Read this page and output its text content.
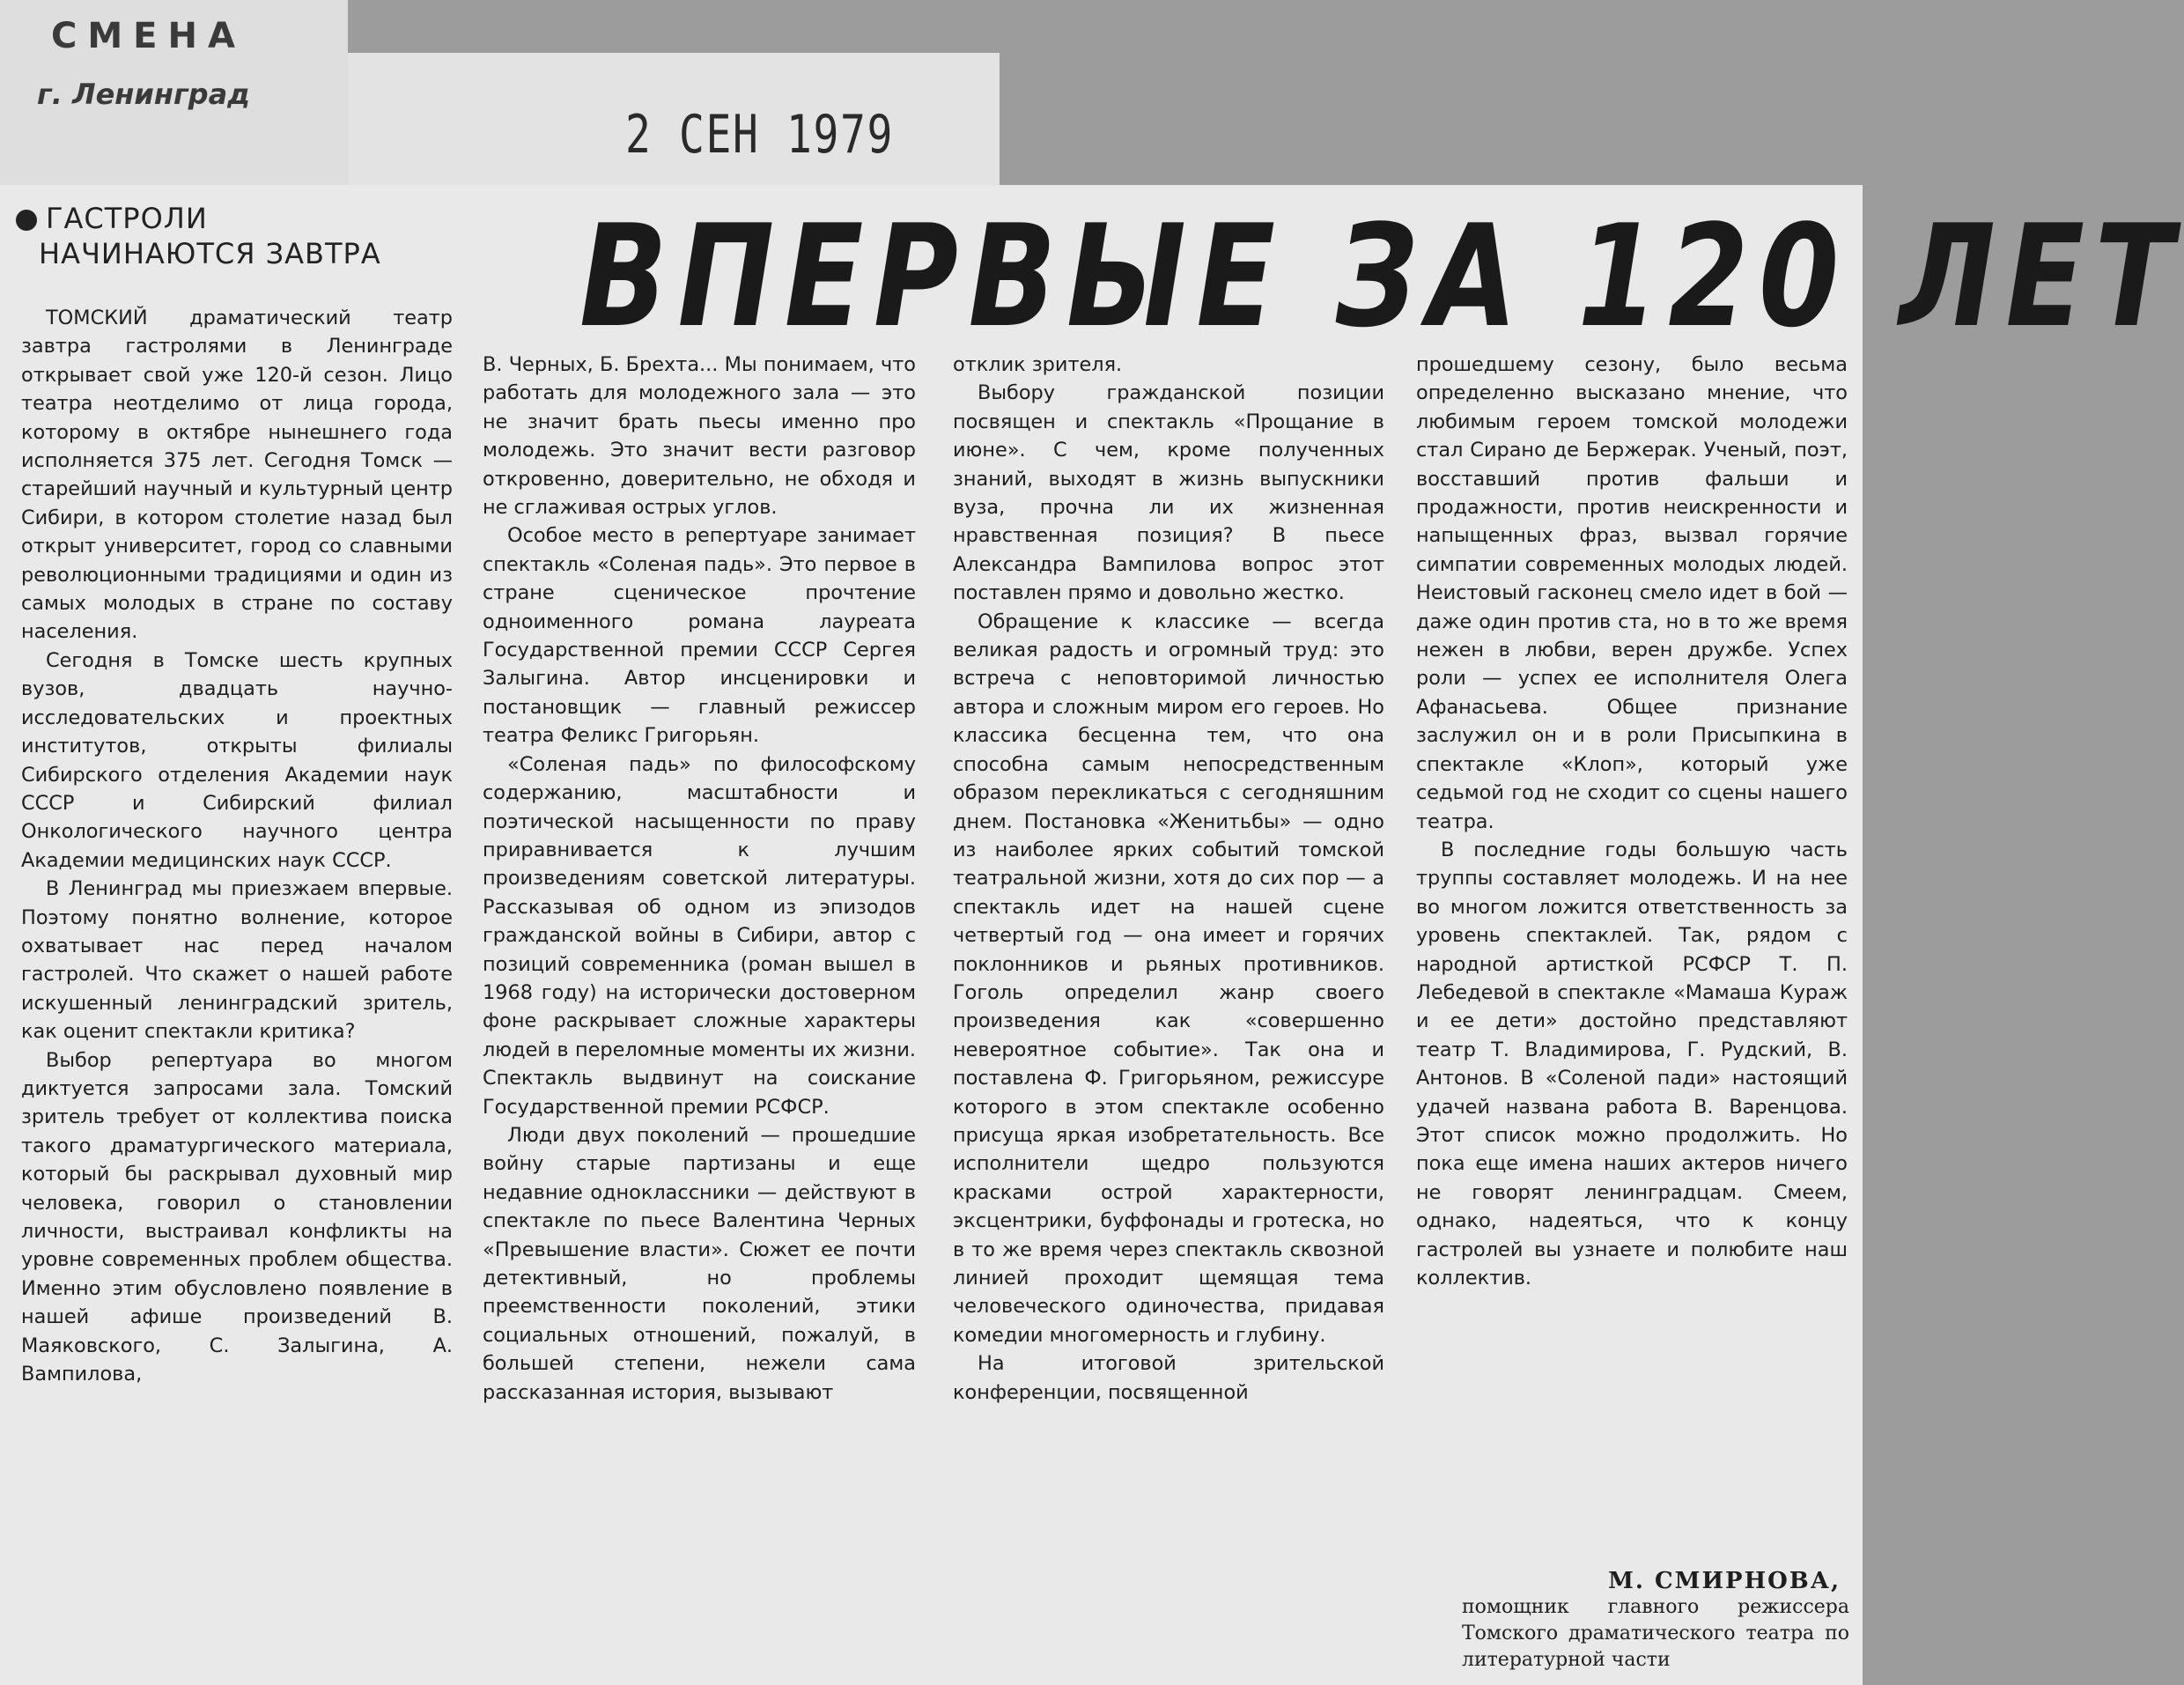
СМЕНА
г. Ленинград
2 СЕН 1979
ГАСТРОЛИ
НАЧИНАЮТСЯ ЗАВТРА ВПЕРВЫЕ ЗА 120 ЛЕТ

ТОМСКИЙ драматический театр завтра гастролями в Ленинграде открывает свой уже 120-й сезон. Лицо театра неотделимо от лица города, которому в октябре нынешнего года исполняется 375 лет. Сегодня Томск — старейший научный и культурный центр Сибири, в котором столетие назад был открыт университет, город со славными революционными традициями и один из самых молодых в стране по составу населения.

Сегодня в Томске шесть крупных вузов, двадцать научно-исследовательских и проектных институтов, открыты филиалы Сибирского отделения Академии наук СССР и Сибирский филиал Онкологического научного центра Академии медицинских наук СССР.

В Ленинград мы приезжаем впервые. Поэтому понятно волнение, которое охватывает нас перед началом гастролей. Что скажет о нашей работе искушенный ленинградский зритель, как оценит спектакли критика?

Выбор репертуара во многом диктуется запросами зала. Томский зритель требует от коллектива поиска такого драматургического материала, который бы раскрывал духовный мир человека, говорил о становлении личности, выстраивал конфликты на уровне современных проблем общества. Именно этим обусловлено появление в нашей афише произведений В. Маяковского, С. Залыгина, А. Вампилова,

В. Черных, Б. Брехта... Мы понимаем, что работать для молодежного зала — это не значит брать пьесы именно про молодежь. Это значит вести разговор откровенно, доверительно, не обходя и не сглаживая острых углов.

Особое место в репертуаре занимает спектакль «Соленая падь». Это первое в стране сценическое прочтение одноименного романа лауреата Государственной премии СССР Сергея Залыгина. Автор инсценировки и постановщик — главный режиссер театра Феликс Григорьян.

«Соленая падь» по философскому содержанию, масштабности и поэтической насыщенности по праву приравнивается к лучшим произведениям советской литературы. Рассказывая об одном из эпизодов гражданской войны в Сибири, автор с позиций современника (роман вышел в 1968 году) на исторически достоверном фоне раскрывает сложные характеры людей в переломные моменты их жизни. Спектакль выдвинут на соискание Государственной премии РСФСР.

Люди двух поколений — прошедшие войну старые партизаны и еще недавние одноклассники — действуют в спектакле по пьесе Валентина Черных «Превышение власти». Сюжет ее почти детективный, но проблемы преемственности поколений, этики социальных отношений, пожалуй, в большей степени, нежели сама рассказанная история, вызывают

отклик зрителя.

Выбору гражданской позиции посвящен и спектакль «Прощание в июне». С чем, кроме полученных знаний, выходят в жизнь выпускники вуза, прочна ли их жизненная нравственная позиция? В пьесе Александра Вампилова вопрос этот поставлен прямо и довольно жестко.

Обращение к классике — всегда великая радость и огромный труд: это встреча с неповторимой личностью автора и сложным миром его героев. Но классика бесценна тем, что она способна самым непосредственным образом перекликаться с сегодняшним днем. Постановка «Женитьбы» — одно из наиболее ярких событий томской театральной жизни, хотя до сих пор — а спектакль идет на нашей сцене четвертый год — она имеет и горячих поклонников и рьяных противников. Гоголь определил жанр своего произведения как «совершенно невероятное событие». Так она и поставлена Ф. Григорьяном, режиссуре которого в этом спектакле особенно присуща яркая изобретательность. Все исполнители щедро пользуются красками острой характерности, эксцентрики, буффонады и гротеска, но в то же время через спектакль сквозной линией проходит щемящая тема человеческого одиночества, придавая комедии многомерность и глубину.

На итоговой зрительской конференции, посвященной

прошедшему сезону, было весьма определенно высказано мнение, что любимым героем томской молодежи стал Сирано де Бержерак. Ученый, поэт, восставший против фальши и продажности, против неискренности и напыщенных фраз, вызвал горячие симпатии современных молодых людей. Неистовый гасконец смело идет в бой — даже один против ста, но в то же время нежен в любви, верен дружбе. Успех роли — успех ее исполнителя Олега Афанасьева. Общее признание заслужил он и в роли Присыпкина в спектакле «Клоп», который уже седьмой год не сходит со сцены нашего театра.

В последние годы большую часть труппы составляет молодежь. И на нее во многом ложится ответственность за уровень спектаклей. Так, рядом с народной артисткой РСФСР Т. П. Лебедевой в спектакле «Мамаша Кураж и ее дети» достойно представляют театр Т. Владимирова, Г. Рудский, В. Антонов. В «Соленой пади» настоящий удачей названа работа В. Варенцова. Этот список можно продолжить. Но пока еще имена наших актеров ничего не говорят ленинградцам. Смеем, однако, надеяться, что к концу гастролей вы узнаете и полюбите наш коллектив.

М. СМИРНОВА,
помощник главного режиссера Томского драматического театра по литературной части
